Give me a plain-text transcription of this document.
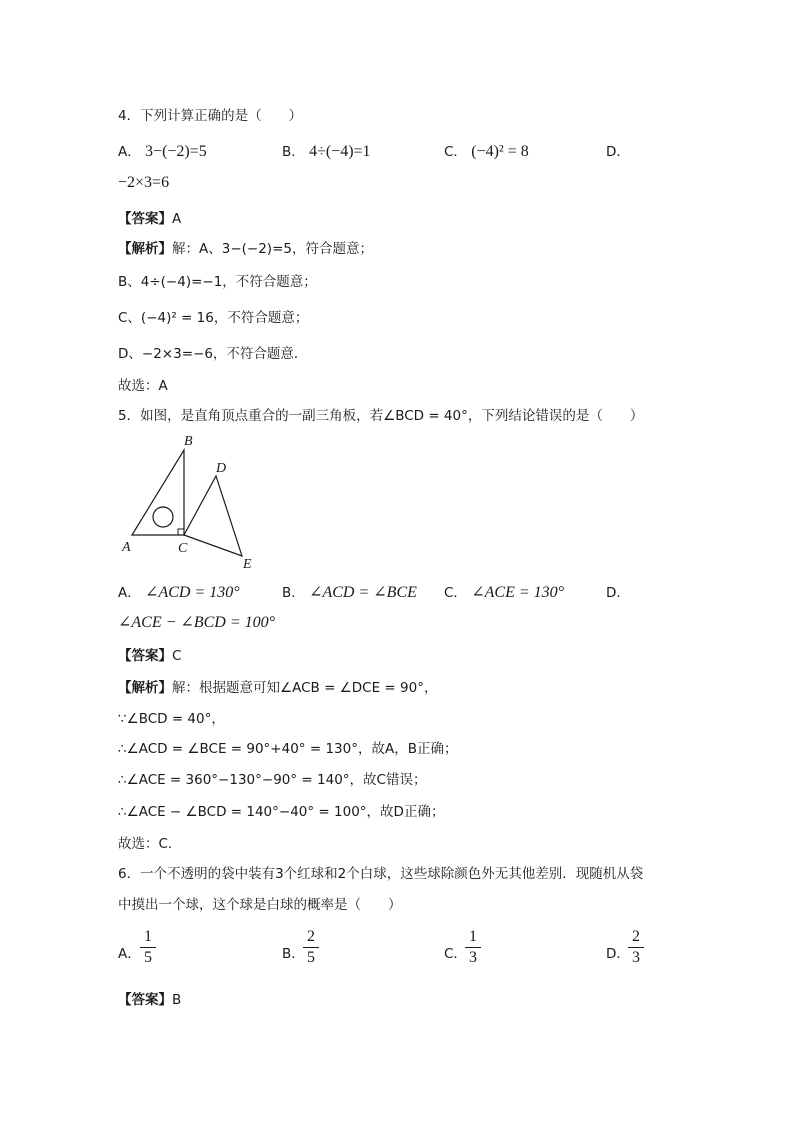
4．下列计算正确的是（　　）
A． 3−(−2)=5	B． 4÷(−4)=1	C． (−4)² = 8	D．
−2×3=6
【答案】A
【解析】解：A、3−(−2)=5，符合题意；
B、4÷(−4)=−1，不符合题意；
C、(−4)² = 16，不符合题意；
D、−2×3=−6，不符合题意．
故选：A
5．如图，是直角顶点重合的一副三角板，若∠BCD = 40°，下列结论错误的是（　　）
B
D
A	C
E
A． ∠ACD = 130°	B． ∠ACD = ∠BCE C． ∠ACE = 130°	D．
∠ACE − ∠BCD = 100°
【答案】C
【解析】解：根据题意可知∠ACB = ∠DCE = 90°，
∵∠BCD = 40°，
∴∠ACD = ∠BCE = 90°+40° = 130°，故A，B正确；
∴∠ACE = 360°−130°−90° = 140°，故C错误；
∴∠ACE − ∠BCD = 140°−40° = 100°，故D正确；
故选：C．
6．一个不透明的袋中装有3个红球和2个白球，这些球除颜色外无其他差别．现随机从袋
中摸出一个球，这个球是白球的概率是（　　）
A．
1
5	B．
2
5	C．
1
3	D．
2
3
【答案】B
